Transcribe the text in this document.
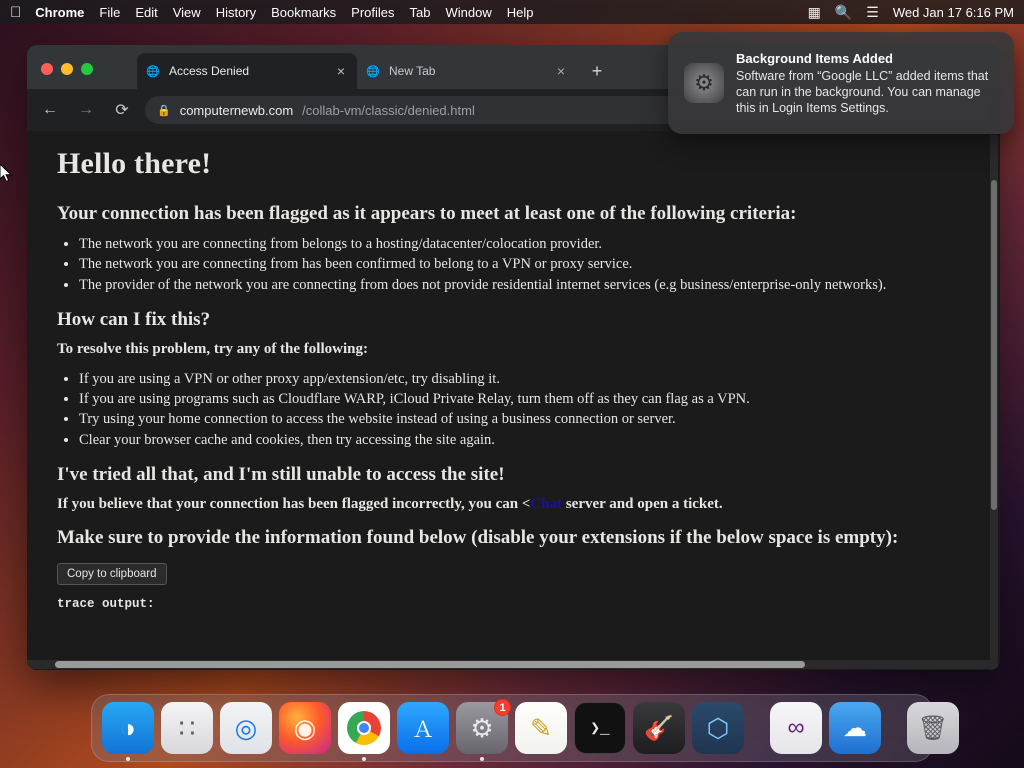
Chrome File Edit View History Bookmarks Profiles Tab Window Help	▦ 🔍 ☰ Wed Jan 17 6:16 PM
🌐 Access Denied	×	🌐 New Tab	×	+
←	→	⟳	🔒 computernewb.com /collab-vm/classic/denied.html
Hello there!
Your connection has been flagged as it appears to meet at least one of the following criteria:
• The network you are connecting from belongs to a hosting/datacenter/colocation provider.
• The network you are connecting from has been confirmed to belong to a VPN or proxy service.
• The provider of the network you are connecting from does not provide residential internet services (e.g business/enterprise-only networks).
How can I fix this?

To resolve this problem, try any of the following:

• If you are using a VPN or other proxy app/extension/etc, try disabling it.
• If you are using programs such as Cloudflare WARP, iCloud Private Relay, turn them off as they can flag as a VPN.
• Try using your home connection to access the website instead of using a business connection or server.
• Clear your browser cache and cookies, then try accessing the site again.
I've tried all that, and I'm still unable to access the site!

If you believe that your connection has been flagged incorrectly, you can <Chat server and open a ticket.

Make sure to provide the information found below (disable your extensions if the below space is empty):
Copy to clipboard
trace output:
⚙
Background Items Added
Software from “Google LLC” added items that can run in the background. You can manage this in Login Items Settings.
◑ ∷ ◎ ◉	Ａ ⚙
1
✎ ❯_ 🎸 ⬡ ∞ ☁ 🗑
